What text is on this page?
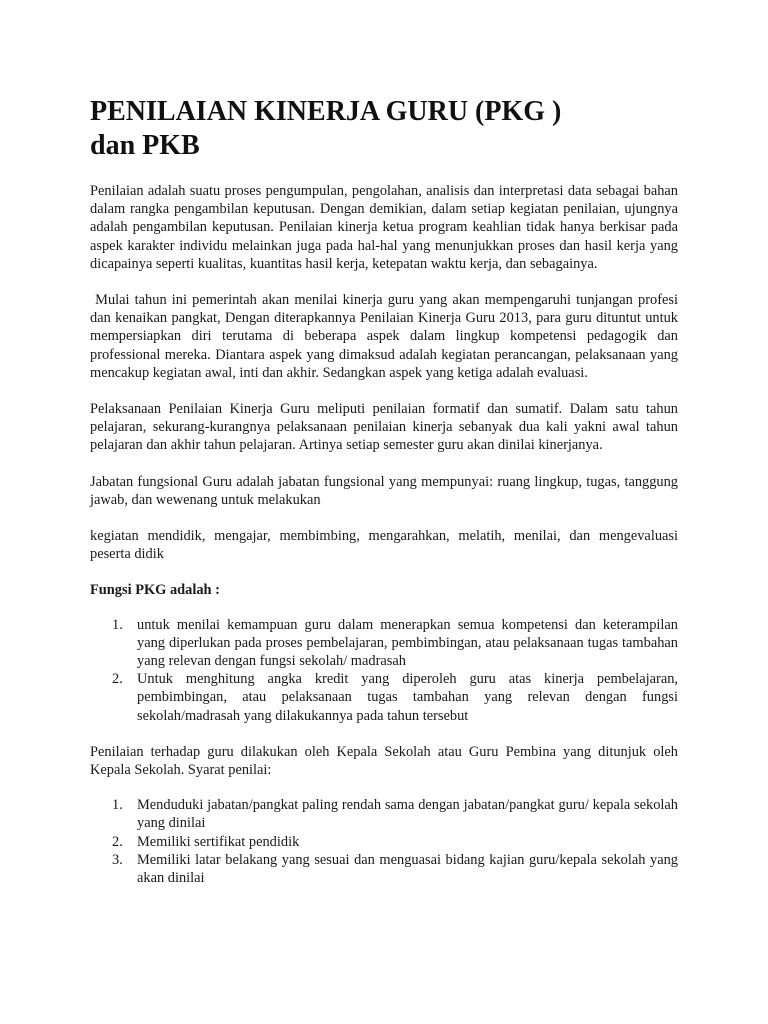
PENILAIAN KINERJA GURU (PKG )
dan PKB

Penilaian adalah suatu proses pengumpulan, pengolahan, analisis dan interpretasi data sebagai bahan dalam rangka pengambilan keputusan. Dengan demikian, dalam setiap kegiatan penilaian, ujungnya adalah pengambilan keputusan. Penilaian kinerja ketua program keahlian tidak hanya berkisar pada aspek karakter individu melainkan juga pada hal-hal yang menunjukkan proses dan hasil kerja yang dicapainya seperti kualitas, kuantitas hasil kerja, ketepatan waktu kerja, dan sebagainya.

Mulai tahun ini pemerintah akan menilai kinerja guru yang akan mempengaruhi tunjangan profesi dan kenaikan pangkat, Dengan diterapkannya Penilaian Kinerja Guru 2013, para guru dituntut untuk mempersiapkan diri terutama di beberapa aspek dalam lingkup kompetensi pedagogik dan professional mereka. Diantara aspek yang dimaksud adalah kegiatan perancangan, pelaksanaan yang mencakup kegiatan awal, inti dan akhir. Sedangkan aspek yang ketiga adalah evaluasi.

Pelaksanaan Penilaian Kinerja Guru meliputi penilaian formatif dan sumatif. Dalam satu tahun pelajaran, sekurang-kurangnya pelaksanaan penilaian kinerja sebanyak dua kali yakni awal tahun pelajaran dan akhir tahun pelajaran. Artinya setiap semester guru akan dinilai kinerjanya.

Jabatan fungsional Guru adalah jabatan fungsional yang mempunyai: ruang lingkup, tugas, tanggung jawab, dan wewenang untuk melakukan

kegiatan mendidik, mengajar, membimbing, mengarahkan, melatih, menilai, dan mengevaluasi peserta didik

Fungsi PKG adalah :

1. untuk menilai kemampuan guru dalam menerapkan semua kompetensi dan keterampilan yang diperlukan pada proses pembelajaran, pembimbingan, atau pelaksanaan tugas tambahan yang relevan dengan fungsi sekolah/ madrasah
2. Untuk menghitung angka kredit yang diperoleh guru atas kinerja pembelajaran, pembimbingan, atau pelaksanaan tugas tambahan yang relevan dengan fungsi sekolah/madrasah yang dilakukannya pada tahun tersebut

Penilaian terhadap guru dilakukan oleh Kepala Sekolah atau Guru Pembina yang ditunjuk oleh Kepala Sekolah. Syarat penilai:

1. Menduduki jabatan/pangkat paling rendah sama dengan jabatan/pangkat guru/ kepala sekolah yang dinilai
2. Memiliki sertifikat pendidik
3. Memiliki latar belakang yang sesuai dan menguasai bidang kajian guru/kepala sekolah yang akan dinilai
